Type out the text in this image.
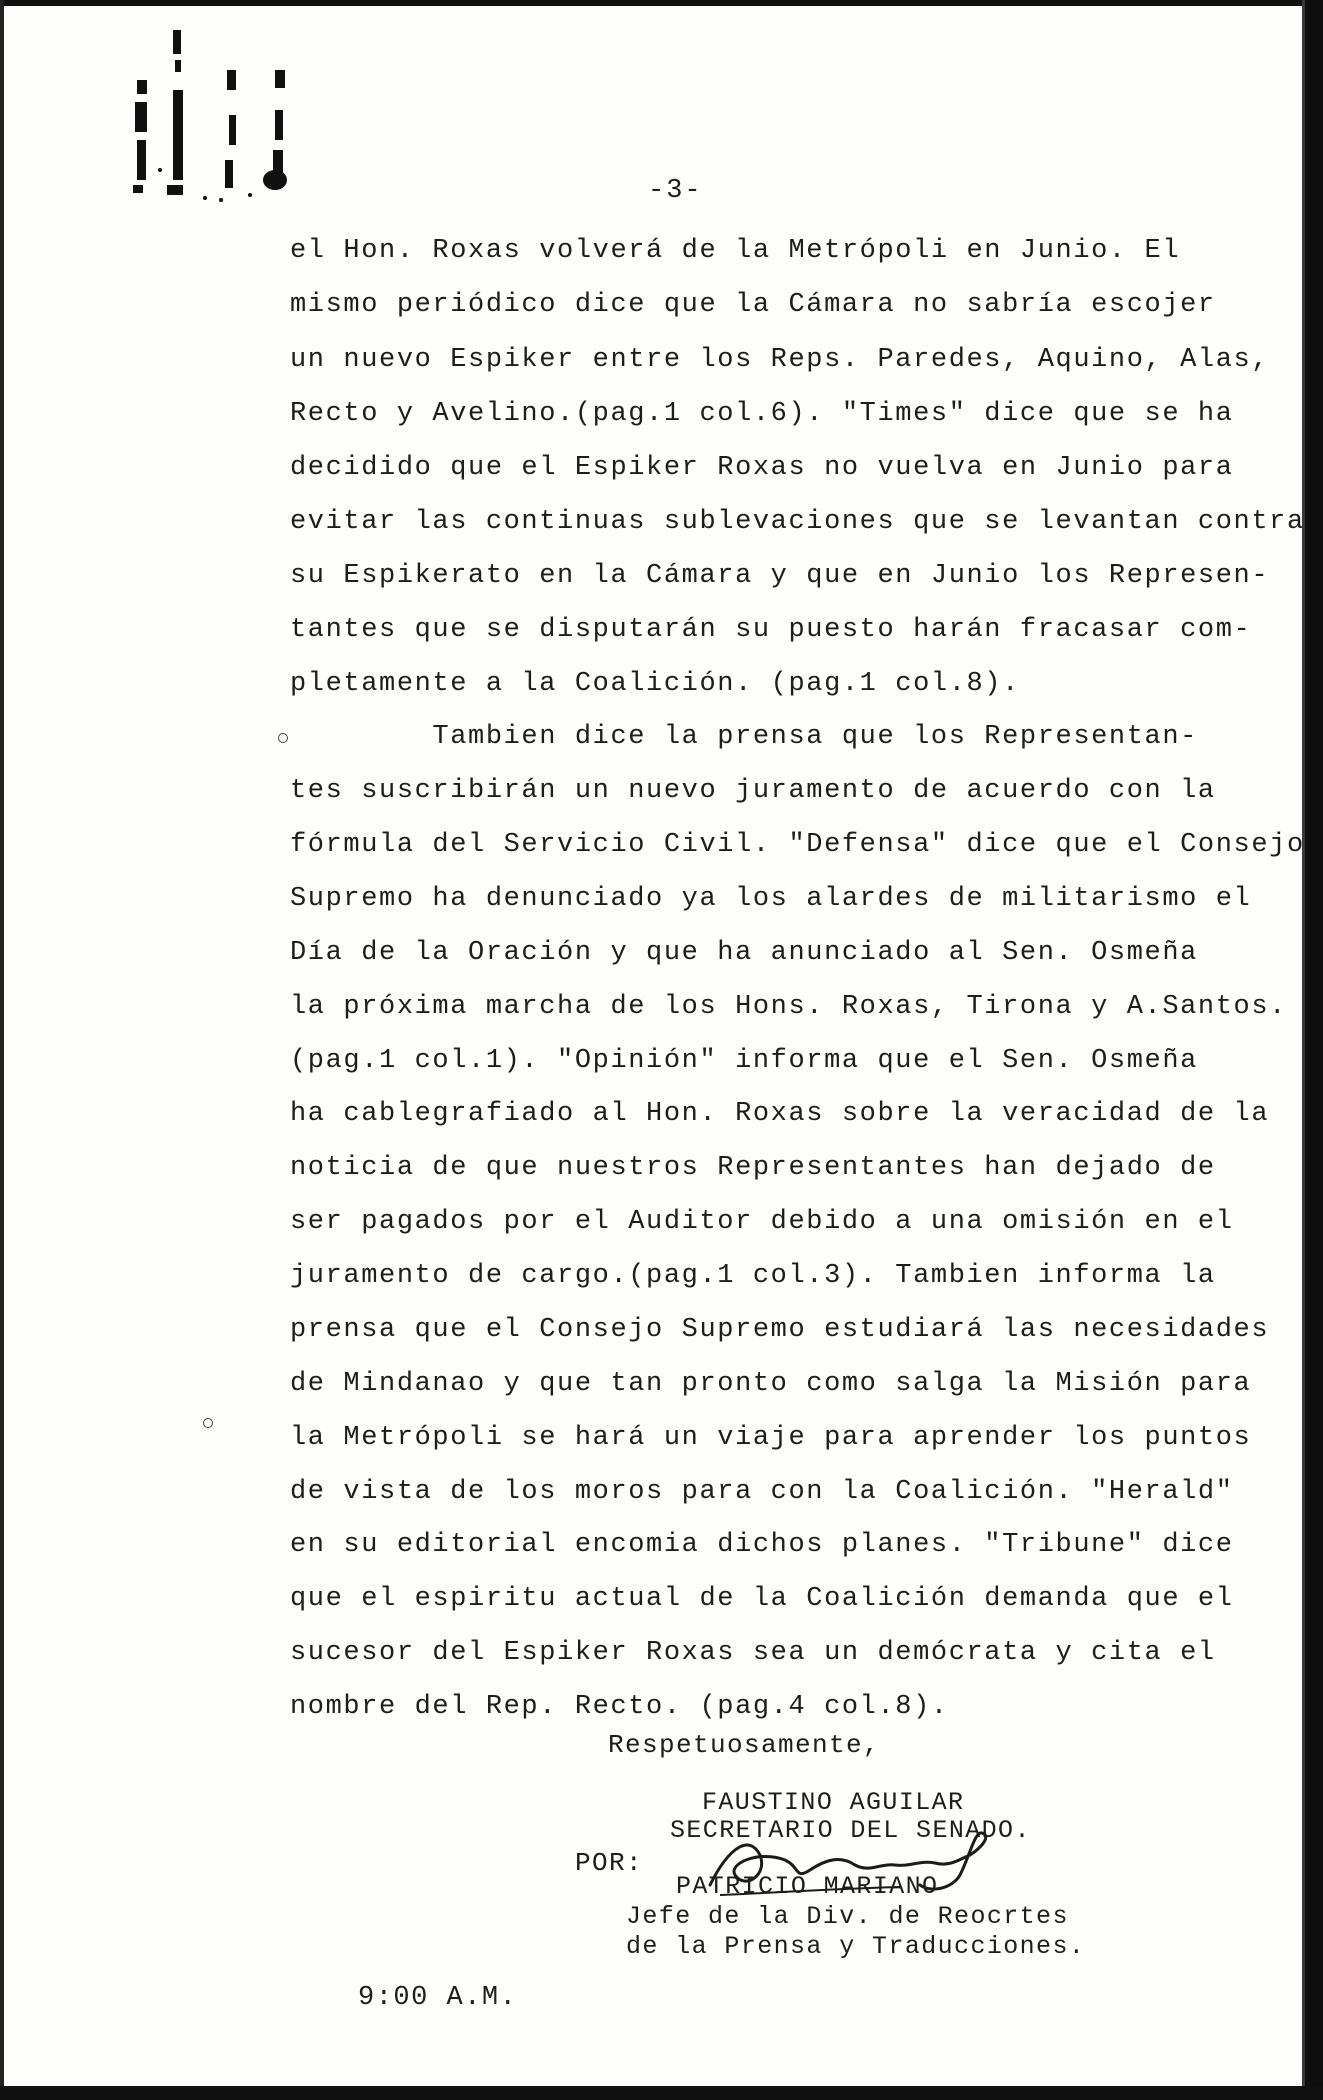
-3-
el Hon. Roxas volverá de la Metrópoli en Junio. El
mismo periódico dice que la Cámara no sabría escojer
un nuevo Espiker entre los Reps. Paredes, Aquino, Alas,
Recto y Avelino.(pag.1 col.6). "Times" dice que se ha
decidido que el Espiker Roxas no vuelva en Junio para
evitar las continuas sublevaciones que se levantan contra
su Espikerato en la Cámara y que en Junio los Represen-
tantes que se disputarán su puesto harán fracasar com-
pletamente a la Coalición. (pag.1 col.8).
Tambien dice la prensa que los Representan-
tes suscribirán un nuevo juramento de acuerdo con la
fórmula del Servicio Civil. "Defensa" dice que el Consejo
Supremo ha denunciado ya los alardes de militarismo el
Día de la Oración y que ha anunciado al Sen. Osmeña
la próxima marcha de los Hons. Roxas, Tirona y A.Santos.
(pag.1 col.1). "Opinión" informa que el Sen. Osmeña
ha cablegrafiado al Hon. Roxas sobre la veracidad de la
noticia de que nuestros Representantes han dejado de
ser pagados por el Auditor debido a una omisión en el
juramento de cargo.(pag.1 col.3). Tambien informa la
prensa que el Consejo Supremo estudiará las necesidades
de Mindanao y que tan pronto como salga la Misión para
la Metrópoli se hará un viaje para aprender los puntos
de vista de los moros para con la Coalición. "Herald"
en su editorial encomia dichos planes. "Tribune" dice
que el espiritu actual de la Coalición demanda que el
sucesor del Espiker Roxas sea un demócrata y cita el
nombre del Rep. Recto. (pag.4 col.8).
Respetuosamente,
FAUSTINO AGUILAR
SECRETARIO DEL SENADO.
POR:
PATRICIO MARIANO
Jefe de la Div. de Reocrtes
de la Prensa y Traducciones.
9:00 A.M.
